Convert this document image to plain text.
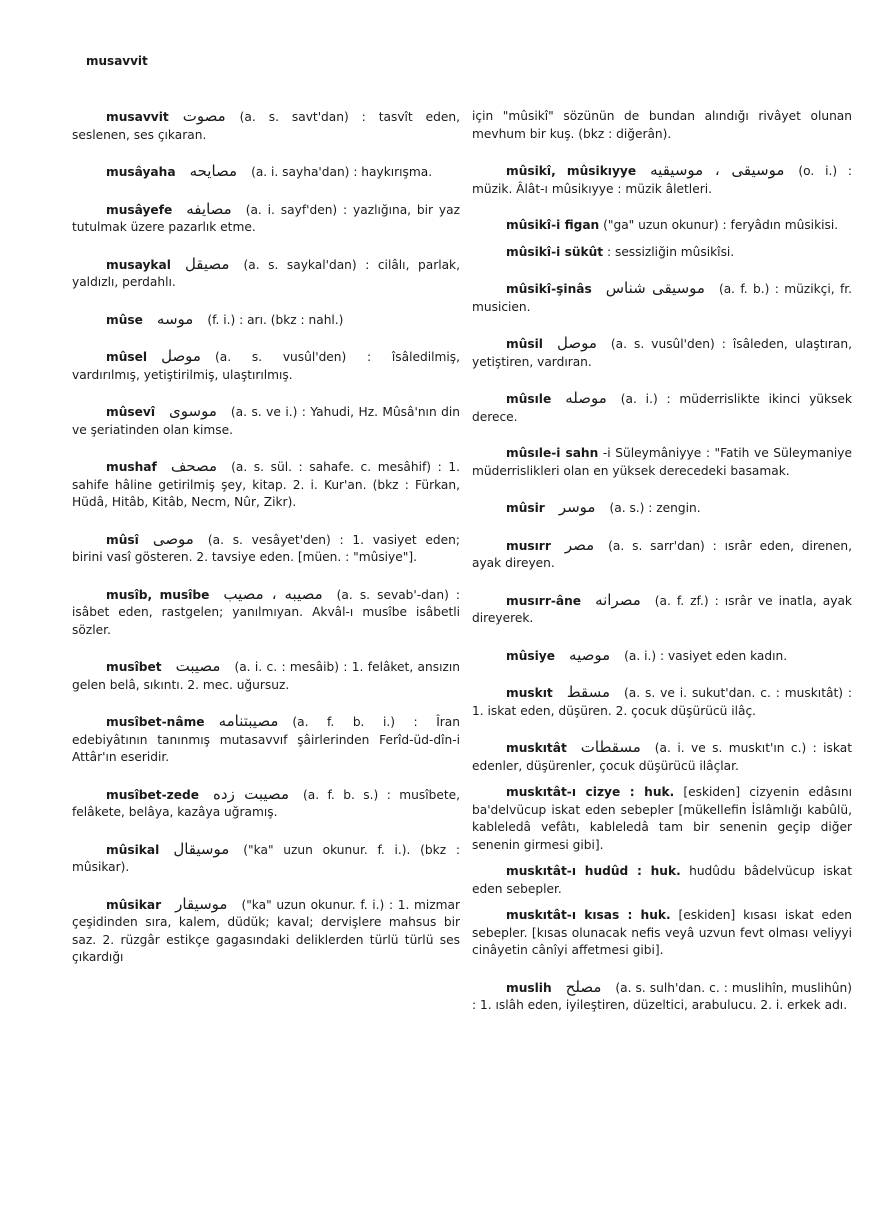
musavvit
musavvit مصوت (a. s. savt'dan) : tasvît eden, seslenen, ses çıkaran.
musâyaha مصايحه (a. i. sayha'dan) : haykırışma.
musâyefe مصايفه (a. i. sayf'den) : yazlığına, bir yaz tutulmak üzere pazarlık etme.
musaykal مصيقل (a. s. saykal'dan) : cilâlı, parlak, yaldızlı, perdahlı.
mûse موسه (f. i.) : arı. (bkz : nahl.)
mûsel موصل (a. s. vusûl'den) : îsâledilmiş, vardırılmış, yetiştirilmiş, ulaştırılmış.
mûsevî موسوى (a. s. ve i.) : Yahudi, Hz. Mûsâ'nın din ve şeriatinden olan kimse.
mushaf مصحف (a. s. sül. : sahafe. c. mesâhif) : 1. sahife hâline getirilmiş şey, kitap. 2. i. Kur'an. (bkz : Fürkan, Hüdâ, Hitâb, Kitâb, Necm, Nûr, Zikr).
mûsî موصى (a. s. vesâyet'den) : 1. vasiyet eden; birini vasî gösteren. 2. tavsiye eden. [müen. : "mûsiye"].
musîb, musîbe مصيبه ، مصيب (a. s. sevab'-dan) : isâbet eden, rastgelen; yanılmıyan. Akvâl-ı musîbe isâbetli sözler.
musîbet مصيبت (a. i. c. : mesâib) : 1. felâket, ansızın gelen belâ, sıkıntı. 2. mec. uğursuz.
musîbet-nâme مصيبتنامه (a. f. b. i.) : Îran edebiyâtının tanınmış mutasavvıf şâirlerinden Ferîd-üd-dîn-i Attâr'ın eseridir.
musîbet-zede مصيبت زده (a. f. b. s.) : musîbete, felâkete, belâya, kazâya uğramış.
mûsikal موسيقال ("ka" uzun okunur. f. i.). (bkz : mûsikar).
mûsikar موسيقار ("ka" uzun okunur. f. i.) : 1. mizmar çeşidinden sıra, kalem, düdük; kaval; dervişlere mahsus bir saz. 2. rüzgâr estikçe gagasındaki deliklerden türlü türlü ses çıkardığı
için "mûsikî" sözünün de bundan alındığı rivâyet olunan mevhum bir kuş. (bkz : diğerân).
mûsikî, mûsikıyye موسيقى ، موسيقيه (o. i.) : müzik. Âlât-ı mûsikıyye : müzik âletleri.
mûsikî-i figan ("ga" uzun okunur) : feryâdın mûsikisi.
mûsikî-i sükût : sessizliğin mûsikîsi.
mûsikî-şinâs موسيقى شناس (a. f. b.) : müzikçi, fr. musicien.
mûsil موصل (a. s. vusûl'den) : îsâleden, ulaştıran, yetiştiren, vardıran.
mûsıle موصله (a. i.) : müderrislikte ikinci yüksek derece.
mûsıle-i sahn -i Süleymâniyye : "Fatih ve Süleymaniye müderrislikleri olan en yüksek derecedeki basamak.
mûsir موسر (a. s.) : zengin.
musırr مصر (a. s. sarr'dan) : ısrâr eden, direnen, ayak direyen.
musırr-âne مصرانه (a. f. zf.) : ısrâr ve inatla, ayak direyerek.
mûsiye موصيه (a. i.) : vasiyet eden kadın.
muskıt مسقط (a. s. ve i. sukut'dan. c. : muskıtât) : 1. iskat eden, düşüren. 2. çocuk düşürücü ilâç.
muskıtât مسقطات (a. i. ve s. muskıt'ın c.) : iskat edenler, düşürenler, çocuk düşürücü ilâçlar.
muskıtât-ı cizye : huk. [eskiden] cizyenin edâsını ba'delvücup iskat eden sebepler [mükellefin İslâmlığı kabûlü, kableledâ vefâtı, kableledâ tam bir senenin geçip diğer senenin girmesi gibi].
muskıtât-ı hudûd : huk. hudûdu bâdelvücup iskat eden sebepler.
muskıtât-ı kısas : huk. [eskiden] kısası iskat eden sebepler. [kısas olunacak nefis veyâ uzvun fevt olması veliyyi cinâyetin cânîyi affetmesi gibi].
muslih مصلح (a. s. sulh'dan. c. : muslihîn, muslihûn) : 1. ıslâh eden, iyileştiren, düzeltici, arabulucu. 2. i. erkek adı.
